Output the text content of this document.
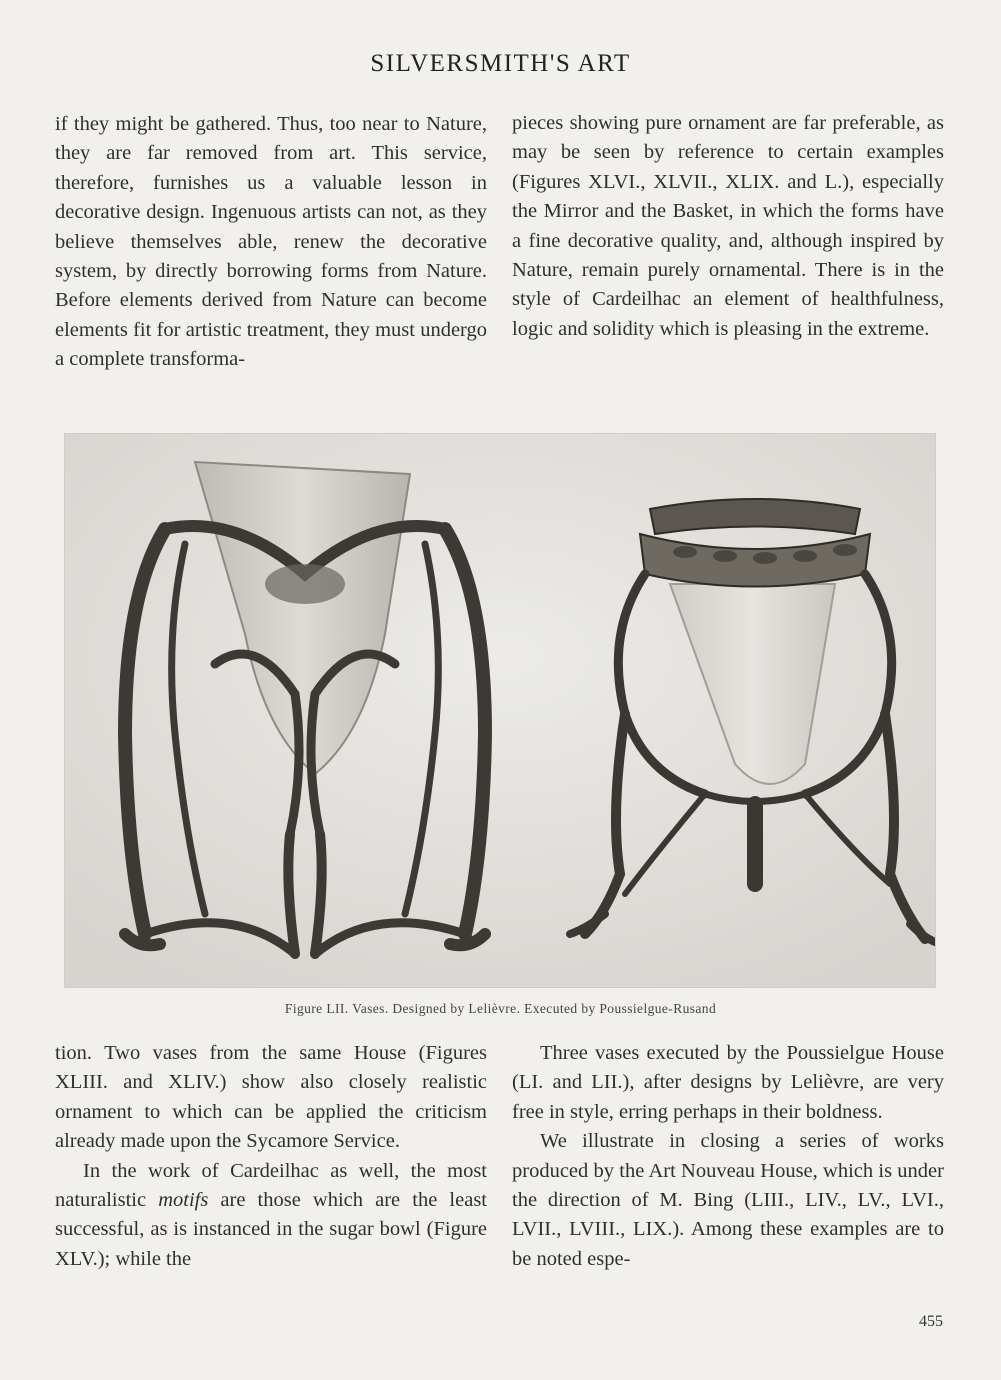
SILVERSMITH'S ART

if they might be gathered. Thus, too near to Nature, they are far removed from art. This service, therefore, furnishes us a valuable lesson in decorative design. Ingenuous artists can not, as they believe themselves able, renew the decorative system, by directly borrowing forms from Nature. Before elements derived from Nature can become elements fit for artistic treatment, they must undergo a complete transforma-

pieces showing pure ornament are far preferable, as may be seen by reference to certain examples (Figures XLVI., XLVII., XLIX. and L.), especially the Mirror and the Basket, in which the forms have a fine decorative quality, and, although inspired by Nature, remain purely ornamental. There is in the style of Cardeilhac an element of healthfulness, logic and solidity which is pleasing in the extreme.

Figure LII. Vases. Designed by Lelièvre. Executed by Poussielgue-Rusand

tion. Two vases from the same House (Figures XLIII. and XLIV.) show also closely realistic ornament to which can be applied the criticism already made upon the Sycamore Service.

In the work of Cardeilhac as well, the most naturalistic motifs are those which are the least successful, as is instanced in the sugar bowl (Figure XLV.); while the

Three vases executed by the Poussielgue House (LI. and LII.), after designs by Lelièvre, are very free in style, erring perhaps in their boldness.

We illustrate in closing a series of works produced by the Art Nouveau House, which is under the direction of M. Bing (LIII., LIV., LV., LVI., LVII., LVIII., LIX.). Among these examples are to be noted espe-

455
